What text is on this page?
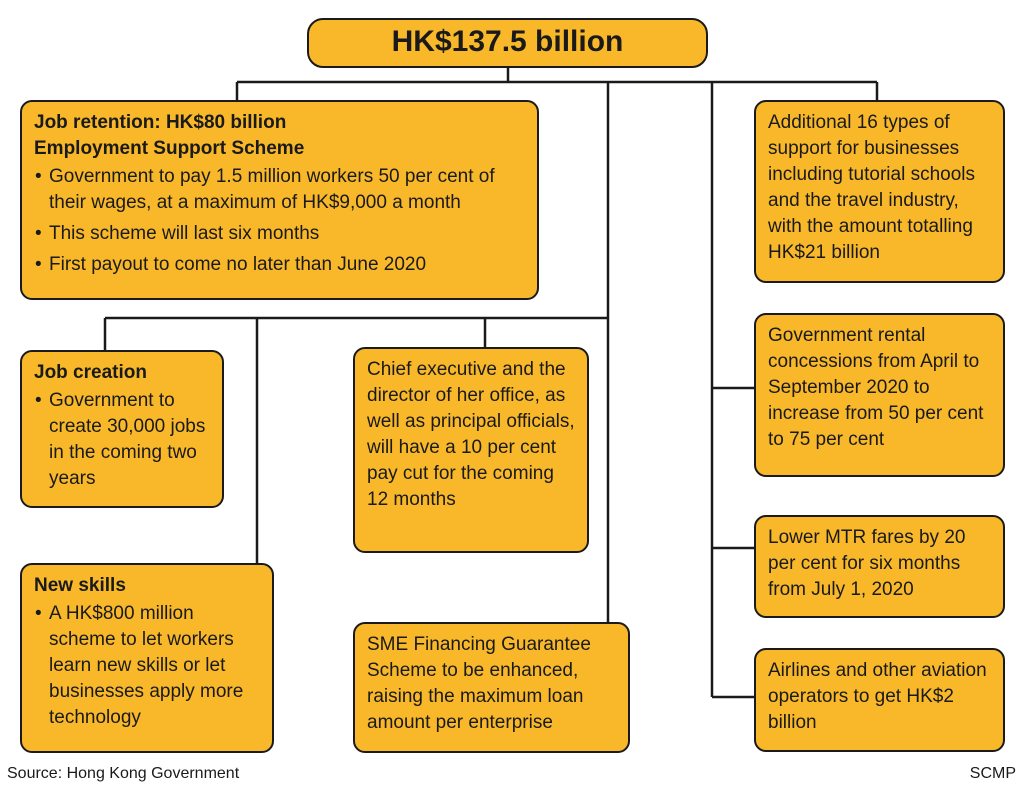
HK$137.5 billion

Job retention: HK$80 billion

Employment Support Scheme

• Government to pay 1.5 million workers 50 per cent of their wages, at a maximum of HK$9,000 a month
• This scheme will last six months
• First payout to come no later than June 2020

Job creation

• Government to create 30,000 jobs in the coming two years

New skills

• A HK$800 million scheme to let workers learn new skills or let businesses apply more technology

Chief executive and the director of her office, as well as principal officials, will have a 10 per cent pay cut for the coming 12 months

SME Financing Guarantee Scheme to be enhanced, raising the maximum loan amount per enterprise

Additional 16 types of support for businesses including tutorial schools and the travel industry, with the amount totalling HK$21 billion

Government rental concessions from April to September 2020 to increase from 50 per cent to 75 per cent

Lower MTR fares by 20 per cent for six months from July 1, 2020

Airlines and other aviation operators to get HK$2 billion

Source: Hong Kong Government	SCMP
